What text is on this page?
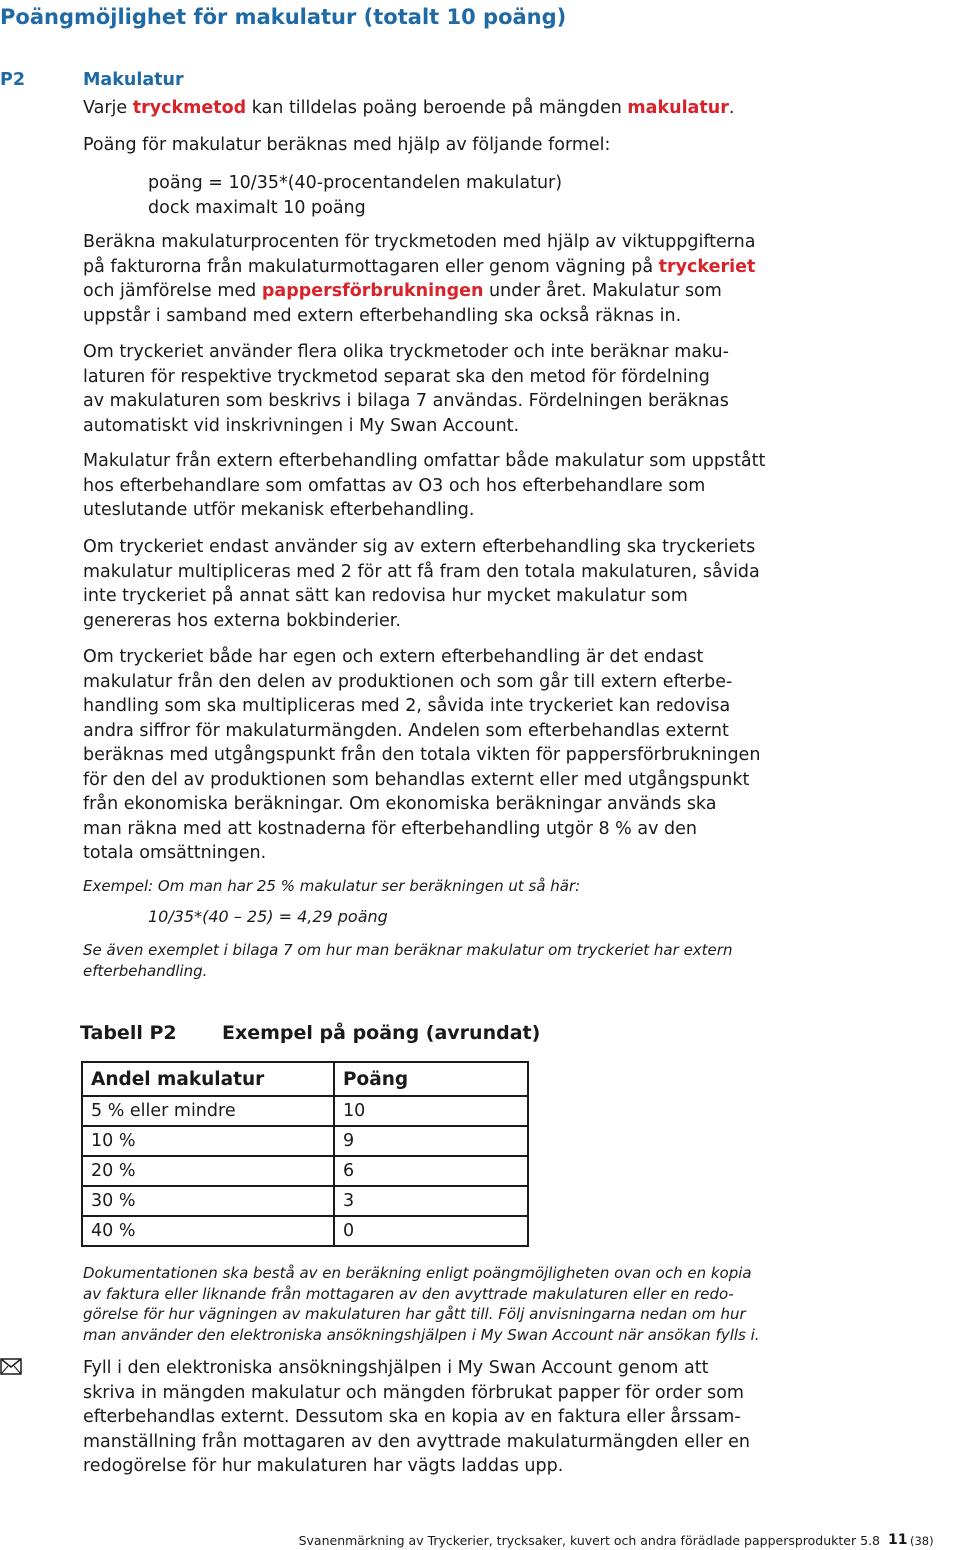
Poängmöjlighet för makulatur (totalt 10 poäng)
P2	Makulatur

Varje tryckmetod kan tilldelas poäng beroende på mängden makulatur.

Poäng för makulatur beräknas med hjälp av följande formel:

poäng = 10/35*(40-procentandelen makulatur)

dock maximalt 10 poäng

Beräkna makulaturprocenten för tryckmetoden med hjälp av viktuppgifterna

på fakturorna från makulaturmottagaren eller genom vägning på tryckeriet

och jämförelse med pappersförbrukningen under året. Makulatur som

uppstår i samband med extern efterbehandling ska också räknas in.

Om tryckeriet använder flera olika tryckmetoder och inte beräknar maku-

laturen för respektive tryckmetod separat ska den metod för fördelning

av makulaturen som beskrivs i bilaga 7 användas. Fördelningen beräknas

automatiskt vid inskrivningen i My Swan Account.

Makulatur från extern efterbehandling omfattar både makulatur som uppstått

hos efterbehandlare som omfattas av O3 och hos efterbehandlare som

uteslutande utför mekanisk efterbehandling.

Om tryckeriet endast använder sig av extern efterbehandling ska tryckeriets

makulatur multipliceras med 2 för att få fram den totala makulaturen, såvida

inte tryckeriet på annat sätt kan redovisa hur mycket makulatur som

genereras hos externa bokbinderier.

Om tryckeriet både har egen och extern efterbehandling är det endast

makulatur från den delen av produktionen och som går till extern efterbe-

handling som ska multipliceras med 2, såvida inte tryckeriet kan redovisa

andra siffror för makulaturmängden. Andelen som efterbehandlas externt

beräknas med utgångspunkt från den totala vikten för pappersförbrukningen

för den del av produktionen som behandlas externt eller med utgångspunkt

från ekonomiska beräkningar. Om ekonomiska beräkningar används ska

man räkna med att kostnaderna för efterbehandling utgör 8 % av den

totala omsättningen.

Exempel: Om man har 25 % makulatur ser beräkningen ut så här:

10/35*(40 – 25) = 4,29 poäng

Se även exemplet i bilaga 7 om hur man beräknar makulatur om tryckeriet har extern

efterbehandling.

Tabell P2 Exempel på poäng (avrundat)
Andel makulatur	Poäng
5 % eller mindre	10
10 %	9
20 %	6
30 %	3
40 %	0

Dokumentationen ska bestå av en beräkning enligt poängmöjligheten ovan och en kopia

av faktura eller liknande från mottagaren av den avyttrade makulaturen eller en redo-

görelse för hur vägningen av makulaturen har gått till. Följ anvisningarna nedan om hur

man använder den elektroniska ansökningshjälpen i My Swan Account när ansökan fylls i.

Fyll i den elektroniska ansökningshjälpen i My Swan Account genom att

skriva in mängden makulatur och mängden förbrukat papper för order som

efterbehandlas externt. Dessutom ska en kopia av en faktura eller årssam-

manställning från mottagaren av den avyttrade makulaturmängden eller en

redogörelse för hur makulaturen har vägts laddas upp.

Svanenmärkning av Tryckerier, trycksaker, kuvert och andra förädlade pappersprodukter 5.8 11 (38)
